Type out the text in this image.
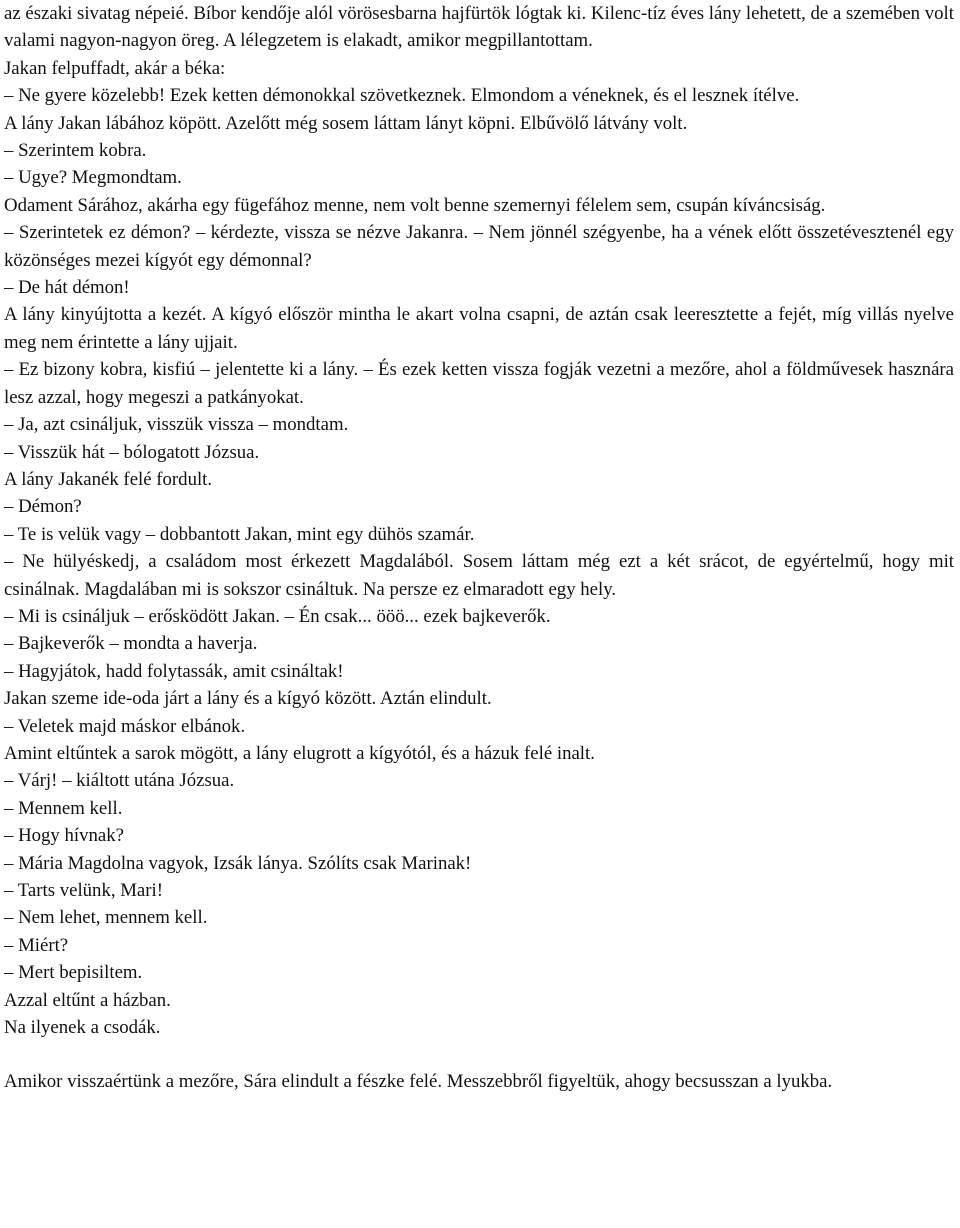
az északi sivatag népeié. Bíbor kendője alól vörösesbarna hajfürtök lógtak ki. Kilenc-tíz éves lány lehetett, de a szemében volt valami nagyon-nagyon öreg. A lélegzetem is elakadt, amikor megpillantottam.

Jakan felpuffadt, akár a béka:

– Ne gyere közelebb! Ezek ketten démonokkal szövetkeznek. Elmondom a véneknek, és el lesznek ítélve.

A lány Jakan lábához köpött. Azelőtt még sosem láttam lányt köpni. Elbűvölő látvány volt.

– Szerintem kobra.

– Ugye? Megmondtam.

Odament Sárához, akárha egy fügefához menne, nem volt benne szemernyi félelem sem, csupán kíváncsiság.

– Szerintetek ez démon? – kérdezte, vissza se nézve Jakanra. – Nem jönnél szégyenbe, ha a vének előtt összetévesztenél egy közönséges mezei kígyót egy démonnal?

– De hát démon!

A lány kinyújtotta a kezét. A kígyó először mintha le akart volna csapni, de aztán csak leeresztette a fejét, míg villás nyelve meg nem érintette a lány ujjait.

– Ez bizony kobra, kisfiú – jelentette ki a lány. – És ezek ketten vissza fogják vezetni a mezőre, ahol a földművesek hasznára lesz azzal, hogy megeszi a patkányokat.

– Ja, azt csináljuk, visszük vissza – mondtam.

– Visszük hát – bólogatott Józsua.

A lány Jakanék felé fordult.

– Démon?

– Te is velük vagy – dobbantott Jakan, mint egy dühös szamár.

– Ne hülyéskedj, a családom most érkezett Magdalából. Sosem láttam még ezt a két srácot, de egyértelmű, hogy mit csinálnak. Magdalában mi is sokszor csináltuk. Na persze ez elmaradott egy hely.

– Mi is csináljuk – erősködött Jakan. – Én csak... ööö... ezek bajkeverők.

– Bajkeverők – mondta a haverja.

– Hagyjátok, hadd folytassák, amit csináltak!

Jakan szeme ide-oda járt a lány és a kígyó között. Aztán elindult.

– Veletek majd máskor elbánok.

Amint eltűntek a sarok mögött, a lány elugrott a kígyótól, és a házuk felé inalt.

– Várj! – kiáltott utána Józsua.

– Mennem kell.

– Hogy hívnak?

– Mária Magdolna vagyok, Izsák lánya. Szólíts csak Marinak!

– Tarts velünk, Mari!

– Nem lehet, mennem kell.

– Miért?

– Mert bepisiltem.

Azzal eltűnt a házban.

Na ilyenek a csodák.

Amikor visszaértünk a mezőre, Sára elindult a fészke felé. Messzebbről figyeltük, ahogy becsusszan a lyukba.
